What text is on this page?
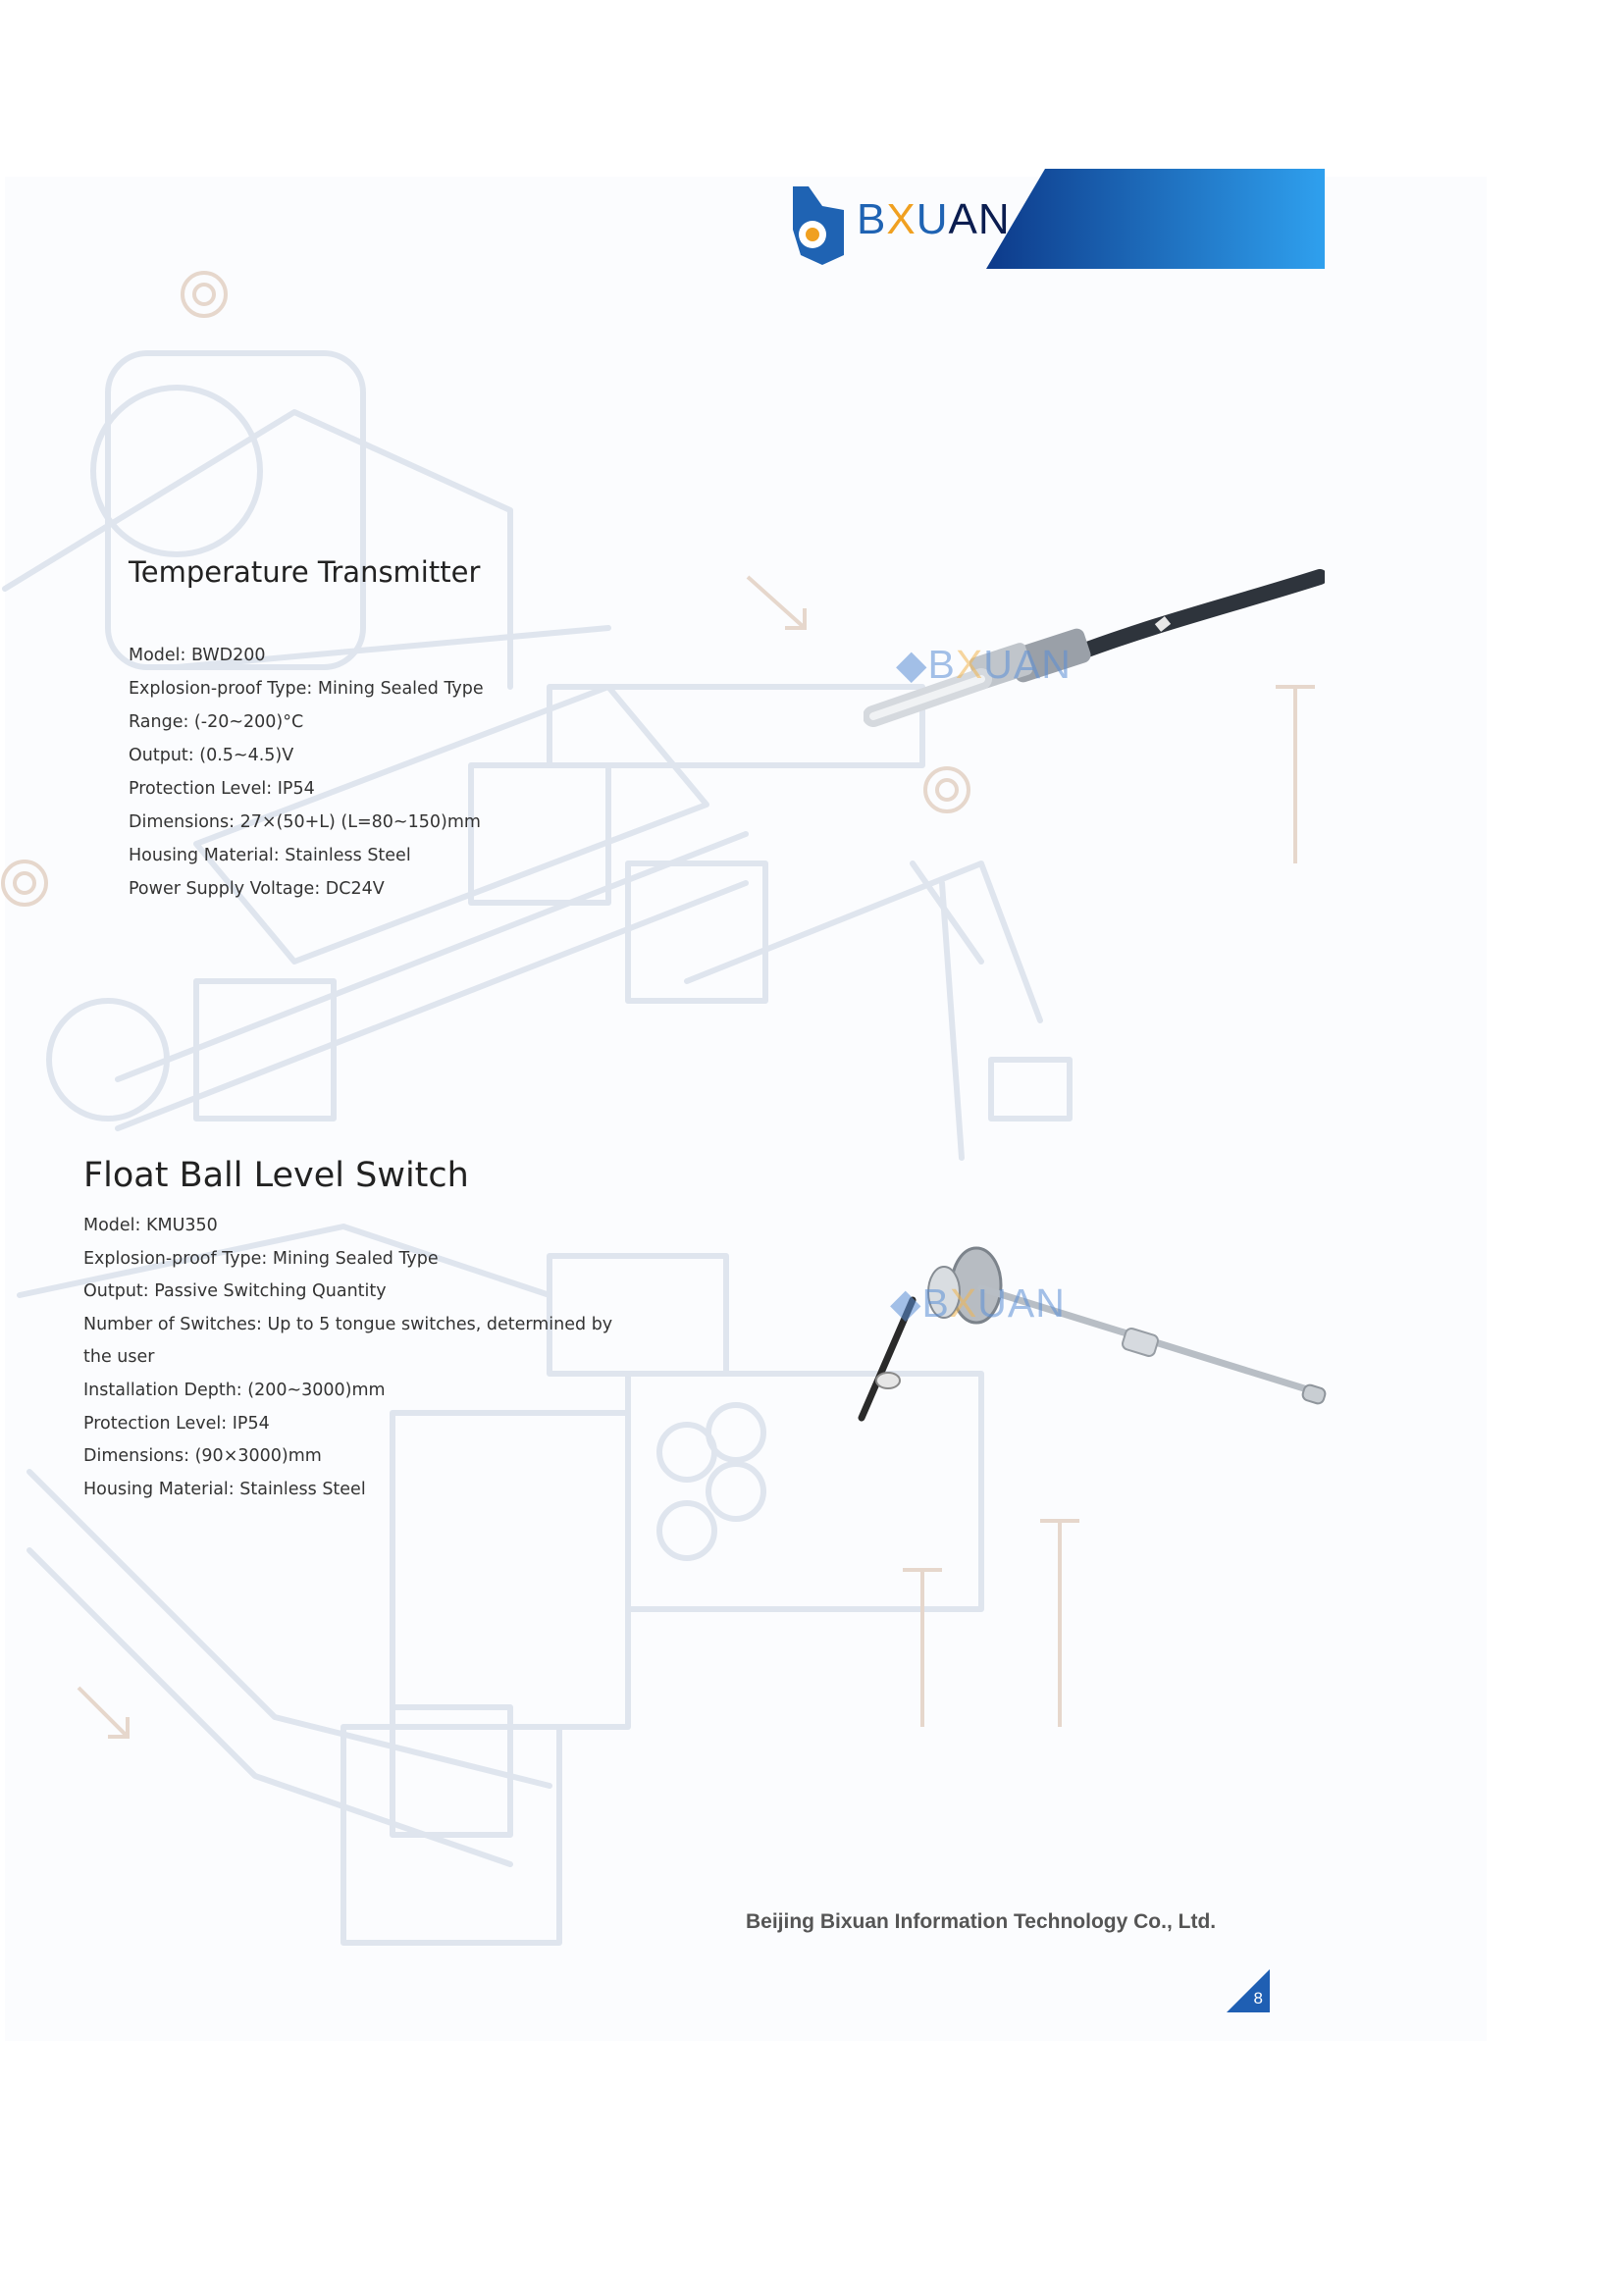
BXUAN
Temperature Transmitter
Model: BWD200
Explosion-proof Type: Mining Sealed Type
Range: (-20~200)°C
Output: (0.5~4.5)V
Protection Level: IP54
Dimensions: 27×(50+L) (L=80~150)mm
Housing Material: Stainless Steel
Power Supply Voltage: DC24V
◆BXUAN
Float Ball Level Switch
Model: KMU350
Explosion-proof Type: Mining Sealed Type
Output: Passive Switching Quantity
Number of Switches: Up to 5 tongue switches, determined by
the user
Installation Depth: (200~3000)mm
Protection Level: IP54
Dimensions: (90×3000)mm
Housing Material: Stainless Steel
◆BXUAN
Beijing Bixuan Information Technology Co., Ltd.
8
